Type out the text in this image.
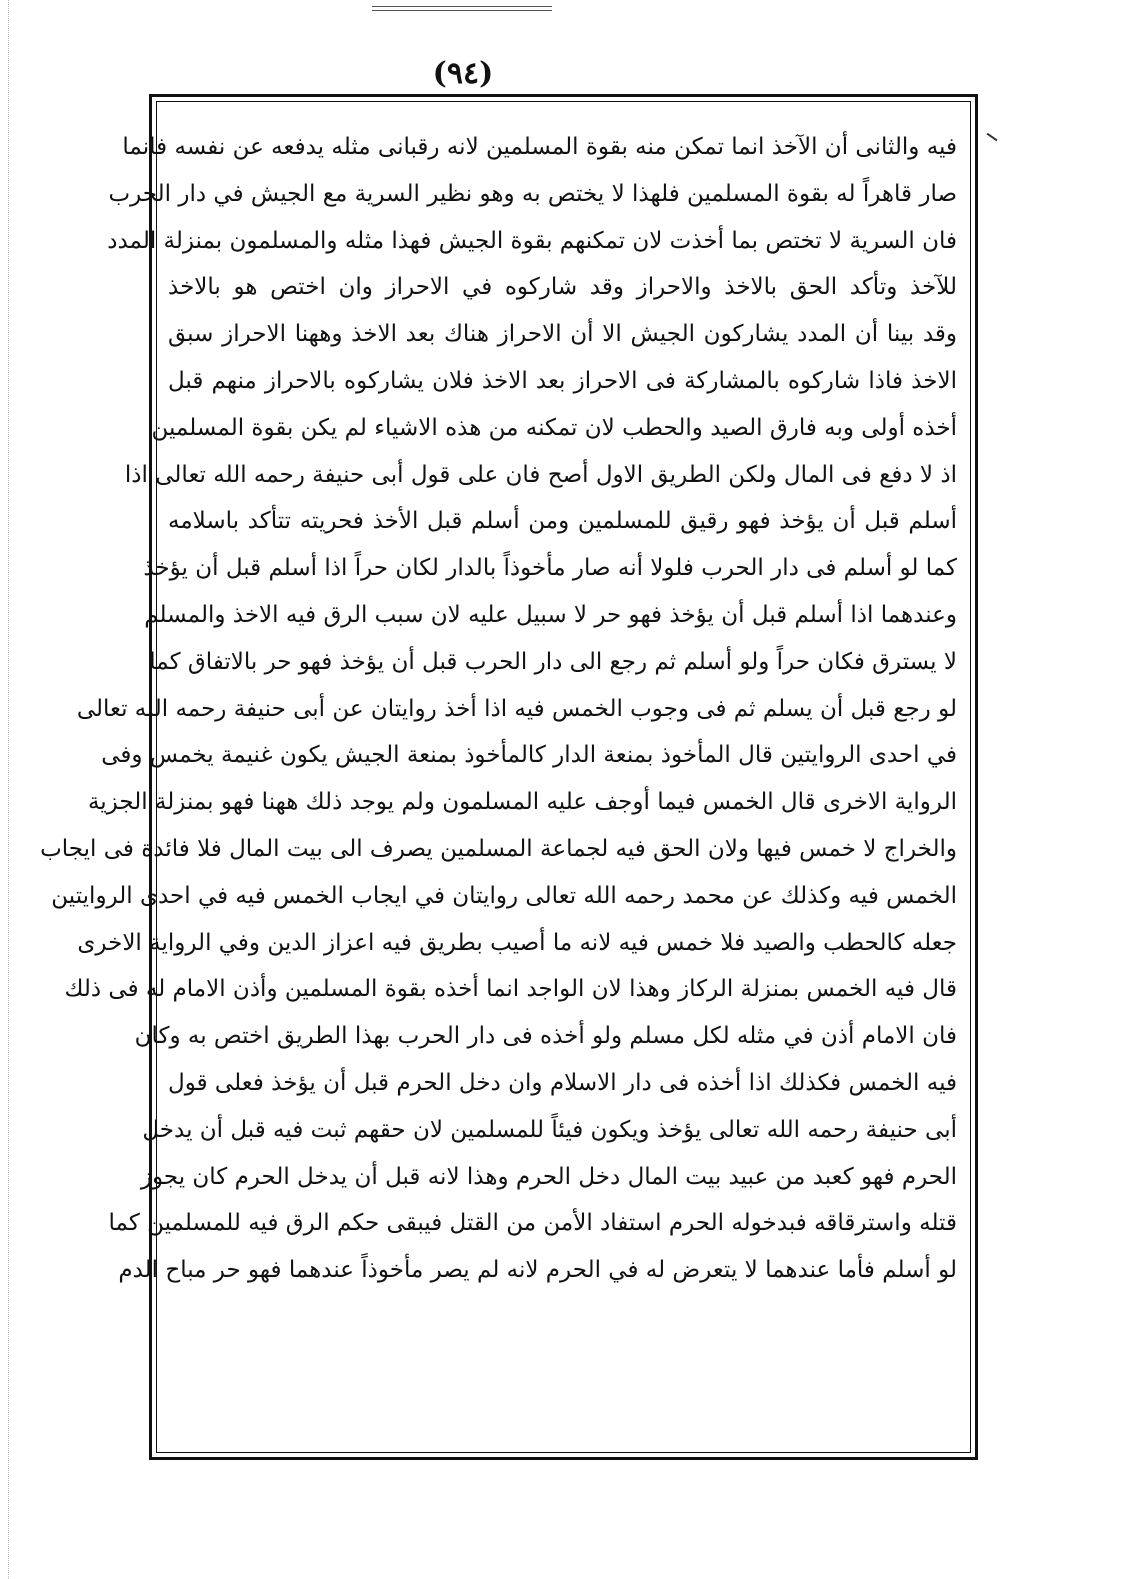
(٩٤)
فيه والثانى أن الآخذ انما تمكن منه بقوة المسلمين لانه رقبانى مثله يدفعه عن نفسه فانما
صار قاهراً له بقوة المسلمين فلهذا لا يختص به وهو نظير السرية مع الجيش في دار الحرب
فان السرية لا تختص بما أخذت لان تمكنهم بقوة الجيش فهذا مثله والمسلمون بمنزلة المدد
للآخذ وتأكد الحق بالاخذ والاحراز وقد شاركوه في الاحراز وان اختص هو بالاخذ
وقد بينا أن المدد يشاركون الجيش الا أن الاحراز هناك بعد الاخذ وههنا الاحراز سبق
الاخذ فاذا شاركوه بالمشاركة فى الاحراز بعد الاخذ فلان يشاركوه بالاحراز منهم قبل
أخذه أولى وبه فارق الصيد والحطب لان تمكنه من هذه الاشياء لم يكن بقوة المسلمين
اذ لا دفع فى المال ولكن الطريق الاول أصح فان على قول أبى حنيفة رحمه الله تعالى اذا
أسلم قبل أن يؤخذ فهو رقيق للمسلمين ومن أسلم قبل الأخذ فحريته تتأكد باسلامه
كما لو أسلم فى دار الحرب فلولا أنه صار مأخوذاً بالدار لكان حراً اذا أسلم قبل أن يؤخذ
وعندهما اذا أسلم قبل أن يؤخذ فهو حر لا سبيل عليه لان سبب الرق فيه الاخذ والمسلم
لا يسترق فكان حراً ولو أسلم ثم رجع الى دار الحرب قبل أن يؤخذ فهو حر بالاتفاق كما
لو رجع قبل أن يسلم ثم فى وجوب الخمس فيه اذا أخذ روايتان عن أبى حنيفة رحمه الله تعالى
في احدى الروايتين قال المأخوذ بمنعة الدار كالمأخوذ بمنعة الجيش يكون غنيمة يخمس وفى
الرواية الاخرى قال الخمس فيما أوجف عليه المسلمون ولم يوجد ذلك ههنا فهو بمنزلة الجزية
والخراج لا خمس فيها ولان الحق فيه لجماعة المسلمين يصرف الى بيت المال فلا فائدة فى ايجاب
الخمس فيه وكذلك عن محمد رحمه الله تعالى روايتان في ايجاب الخمس فيه في احدى الروايتين
جعله كالحطب والصيد فلا خمس فيه لانه ما أصيب بطريق فيه اعزاز الدين وفي الرواية الاخرى
قال فيه الخمس بمنزلة الركاز وهذا لان الواجد انما أخذه بقوة المسلمين وأذن الامام له فى ذلك
فان الامام أذن في مثله لكل مسلم ولو أخذه فى دار الحرب بهذا الطريق اختص به وكان
فيه الخمس فكذلك اذا أخذه فى دار الاسلام وان دخل الحرم قبل أن يؤخذ فعلى قول
أبى حنيفة رحمه الله تعالى يؤخذ ويكون فيئاً للمسلمين لان حقهم ثبت فيه قبل أن يدخل
الحرم فهو كعبد من عبيد بيت المال دخل الحرم وهذا لانه قبل أن يدخل الحرم كان يجوز
قتله واسترقاقه فبدخوله الحرم استفاد الأمن من القتل فيبقى حكم الرق فيه للمسلمين كما
لو أسلم فأما عندهما لا يتعرض له في الحرم لانه لم يصر مأخوذاً عندهما فهو حر مباح الدم
